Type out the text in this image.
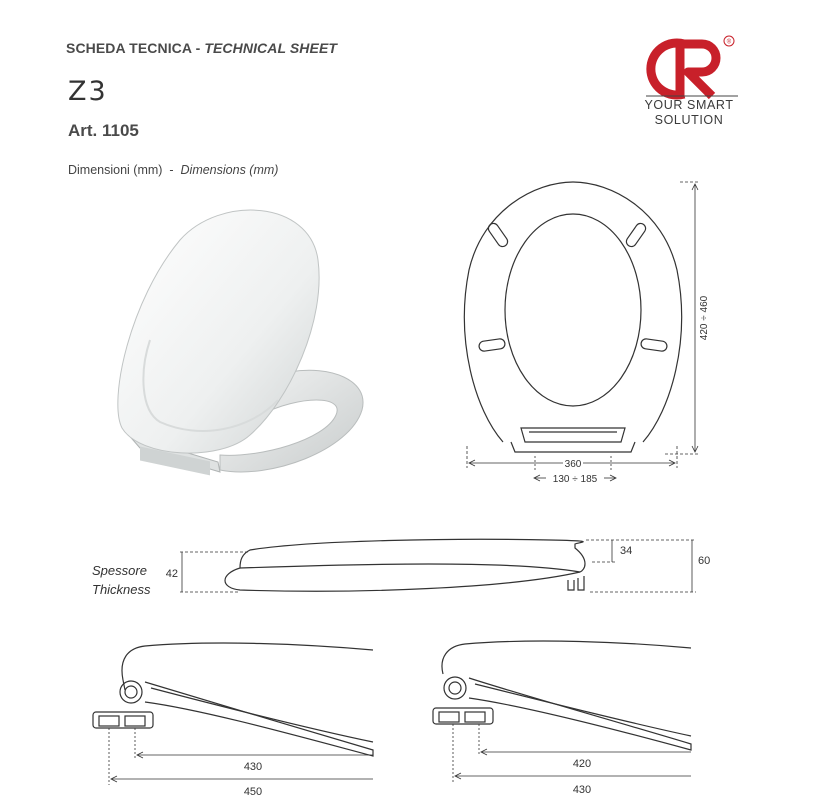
SCHEDA TECNICA - TECHNICAL SHEET
Z3
Art. 1105
Dimensioni (mm)  -  Dimensions (mm)
®
YOUR SMART
SOLUTION
360
420 ÷ 460
130 ÷ 185
Spessore
Thickness
42
34
60
430
450
420
430
